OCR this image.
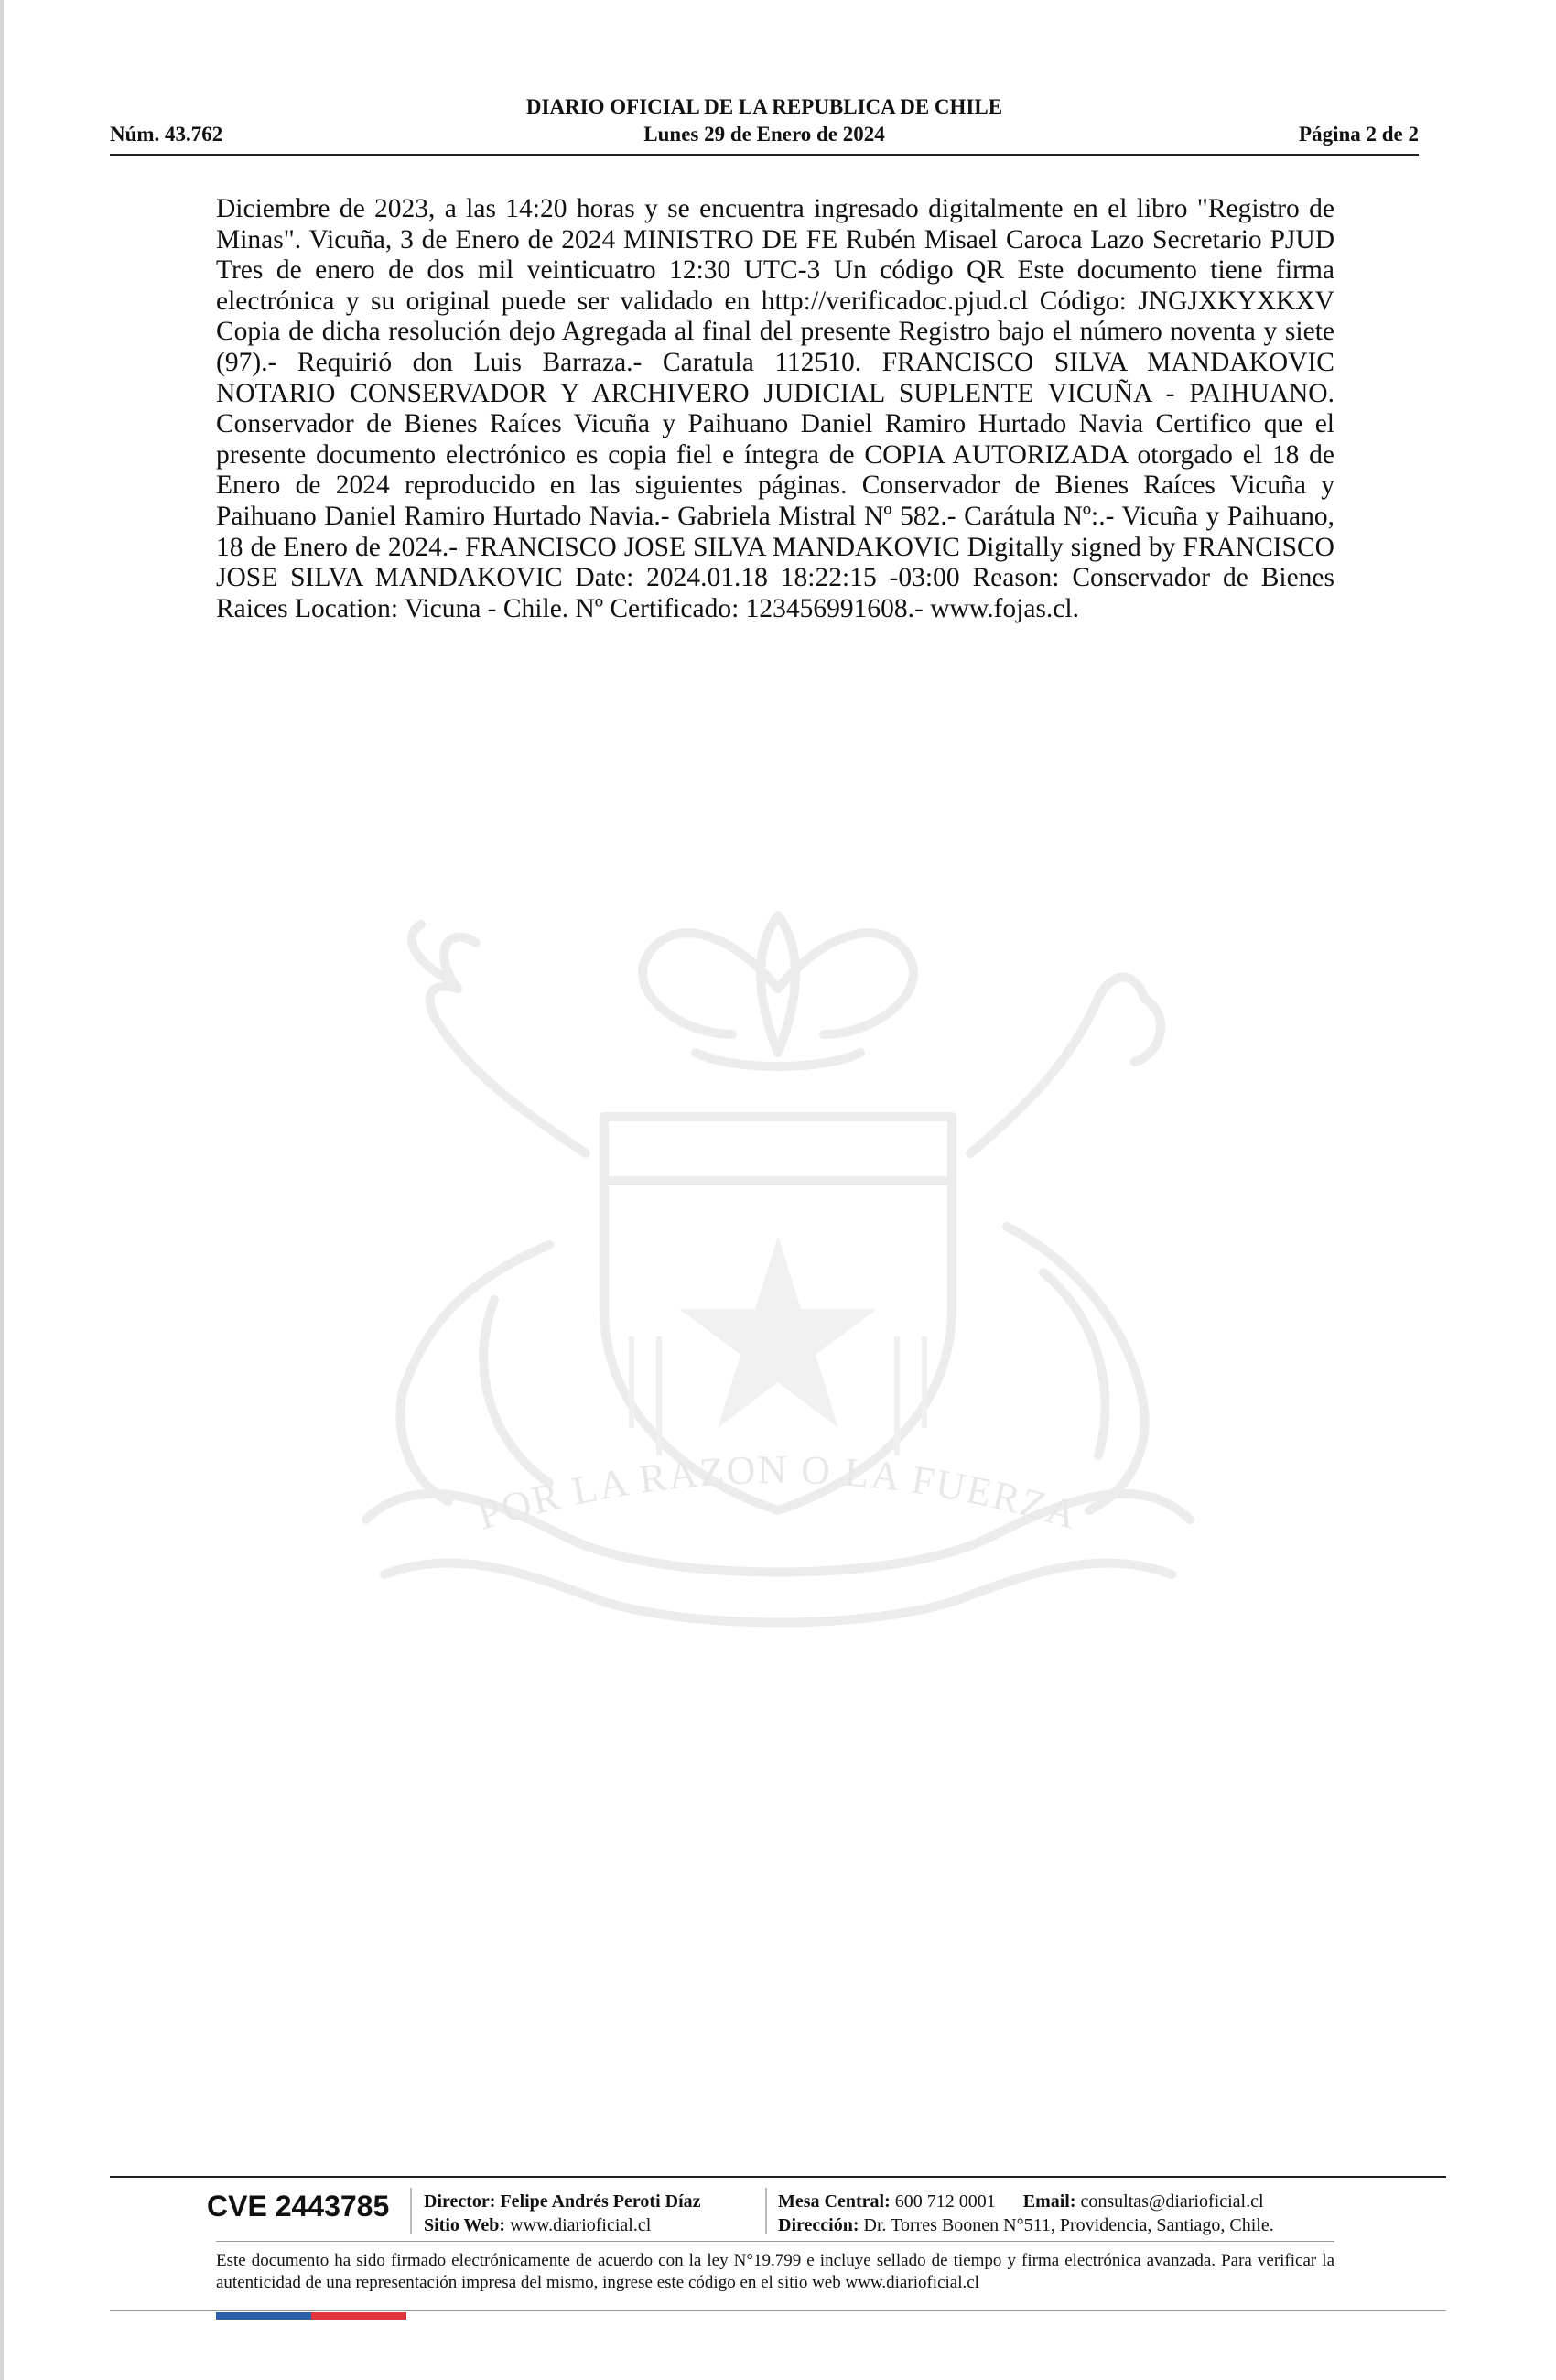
DIARIO OFICIAL DE LA REPUBLICA DE CHILE
Núm. 43.762	Lunes 29 de Enero de 2024	Página 2 de 2

Diciembre de 2023, a las 14:20 horas y se encuentra ingresado digitalmente en el libro "Registro de Minas". Vicuña, 3 de Enero de 2024 MINISTRO DE FE Rubén Misael Caroca Lazo Secretario PJUD Tres de enero de dos mil veinticuatro 12:30 UTC-3 Un código QR Este documento tiene firma electrónica y su original puede ser validado en http://verificadoc.pjud.cl Código: JNGJXKYXKXV Copia de dicha resolución dejo Agregada al final del presente Registro bajo el número noventa y siete (97).- Requirió don Luis Barraza.- Caratula 112510. FRANCISCO SILVA MANDAKOVIC NOTARIO CONSERVADOR Y ARCHIVERO JUDICIAL SUPLENTE VICUÑA - PAIHUANO. Conservador de Bienes Raíces Vicuña y Paihuano Daniel Ramiro Hurtado Navia Certifico que el presente documento electrónico es copia fiel e íntegra de COPIA AUTORIZADA otorgado el 18 de Enero de 2024 reproducido en las siguientes páginas. Conservador de Bienes Raíces Vicuña y Paihuano Daniel Ramiro Hurtado Navia.- Gabriela Mistral Nº 582.- Carátula Nº:.- Vicuña y Paihuano, 18 de Enero de 2024.- FRANCISCO JOSE SILVA MANDAKOVIC Digitally signed by FRANCISCO JOSE SILVA MANDAKOVIC Date: 2024.01.18 18:22:15 -03:00 Reason: Conservador de Bienes Raices Location: Vicuna - Chile. Nº Certificado: 123456991608.- www.fojas.cl.

POR LA RAZON O LA FUERZA
CVE 2443785 Director: Felipe Andrés Peroti Díaz
Sitio Web: www.diarioficial.cl
Mesa Central: 600 712 0001 Email: consultas@diarioficial.cl
Dirección: Dr. Torres Boonen N°511, Providencia, Santiago, Chile.

Este documento ha sido firmado electrónicamente de acuerdo con la ley N°19.799 e incluye sellado de tiempo y firma electrónica avanzada. Para verificar la autenticidad de una representación impresa del mismo, ingrese este código en el sitio web www.diarioficial.cl
